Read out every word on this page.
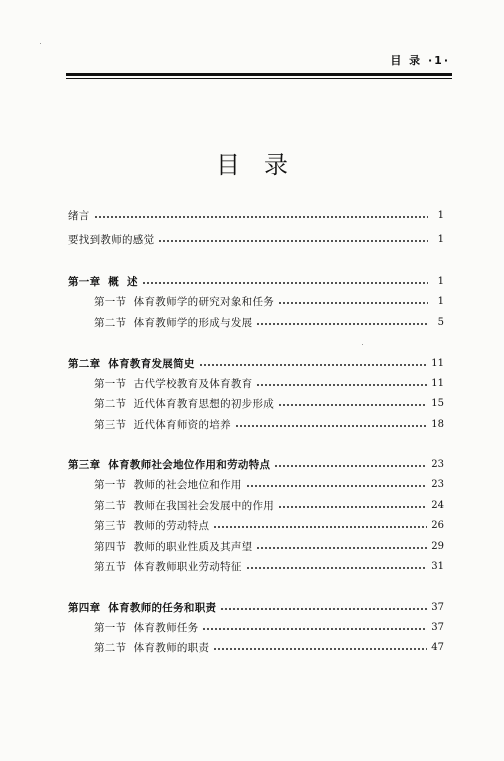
目 录 ·1·
目录
绪言	1
要找到教师的感觉	1
第一章  概  述	1
第一节  体育教师学的研究对象和任务	1
第二节  体育教师学的形成与发展	5
第二章  体育教育发展简史	11
第一节  古代学校教育及体育教育	11
第二节  近代体育教育思想的初步形成	15
第三节  近代体育师资的培养	18
第三章  体育教师社会地位作用和劳动特点	23
第一节  教师的社会地位和作用	23
第二节  教师在我国社会发展中的作用	24
第三节  教师的劳动特点	26
第四节  教师的职业性质及其声望	29
第五节  体育教师职业劳动特征	31
第四章  体育教师的任务和职责	37
第一节  体育教师任务	37
第二节  体育教师的职责	47
